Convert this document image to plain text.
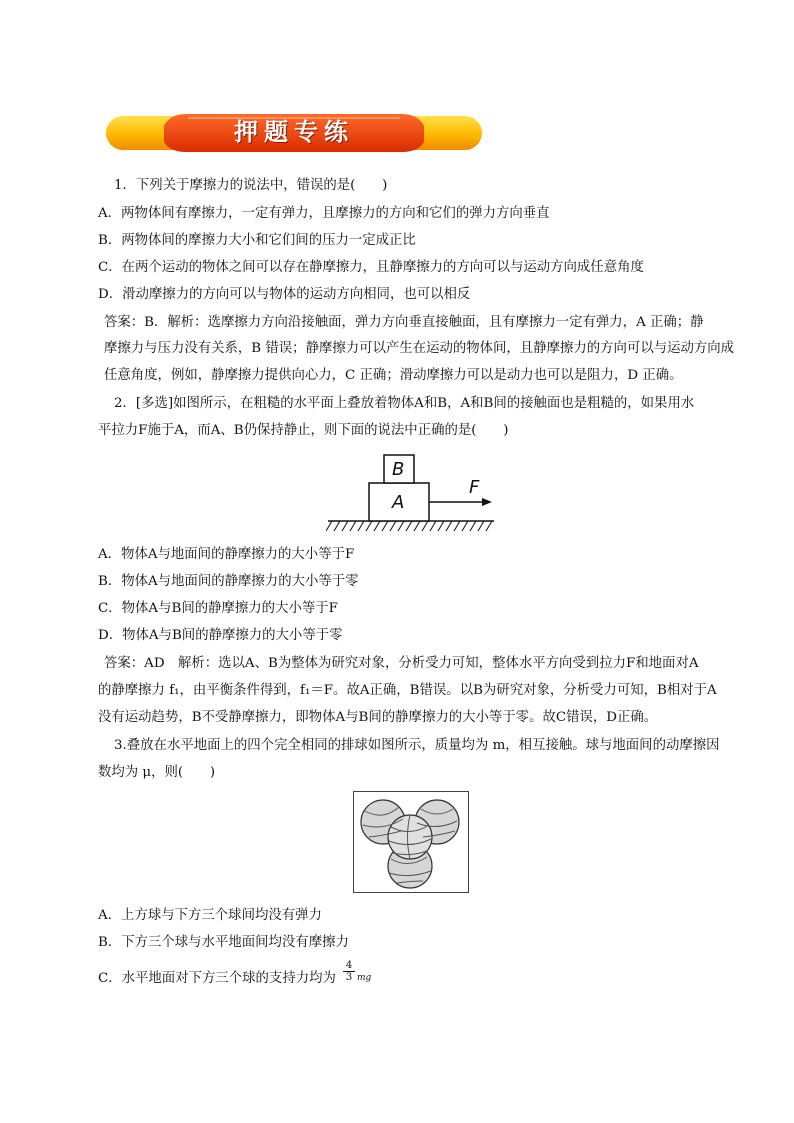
押题专练
1．下列关于摩擦力的说法中，错误的是(　　)
A．两物体间有摩擦力，一定有弹力，且摩擦力的方向和它们的弹力方向垂直
B．两物体间的摩擦力大小和它们间的压力一定成正比
C．在两个运动的物体之间可以存在静摩擦力，且静摩擦力的方向可以与运动方向成任意角度
D．滑动摩擦力的方向可以与物体的运动方向相同，也可以相反
答案：B．解析：选摩擦力方向沿接触面，弹力方向垂直接触面，且有摩擦力一定有弹力，A 正确；静
摩擦力与压力没有关系，B 错误；静摩擦力可以产生在运动的物体间，且静摩擦力的方向可以与运动方向成
任意角度，例如，静摩擦力提供向心力，C 正确；滑动摩擦力可以是动力也可以是阻力，D 正确。
2．[多选]如图所示，在粗糙的水平面上叠放着物体A和B，A和B间的接触面也是粗糙的，如果用水
平拉力F施于A，而A、B仍保持静止，则下面的说法中正确的是(　　)
B
A
F
A．物体A与地面间的静摩擦力的大小等于F
B．物体A与地面间的静摩擦力的大小等于零
C．物体A与B间的静摩擦力的大小等于F
D．物体A与B间的静摩擦力的大小等于零
答案：AD　解析：选以A、B为整体为研究对象，分析受力可知，整体水平方向受到拉力F和地面对A
的静摩擦力 f₁，由平衡条件得到，f₁＝F。故A正确，B错误。以B为研究对象，分析受力可知，B相对于A
没有运动趋势，B不受静摩擦力，即物体A与B间的静摩擦力的大小等于零。故C错误，D正确。
3.叠放在水平地面上的四个完全相同的排球如图所示，质量均为 m，相互接触。球与地面间的动摩擦因
数均为 μ，则(　　)
A．上方球与下方三个球间均没有弹力
B．下方三个球与水平地面间均没有摩擦力
C．水平地面对下方三个球的支持力均为 $\frac{4}{3}$ mg
